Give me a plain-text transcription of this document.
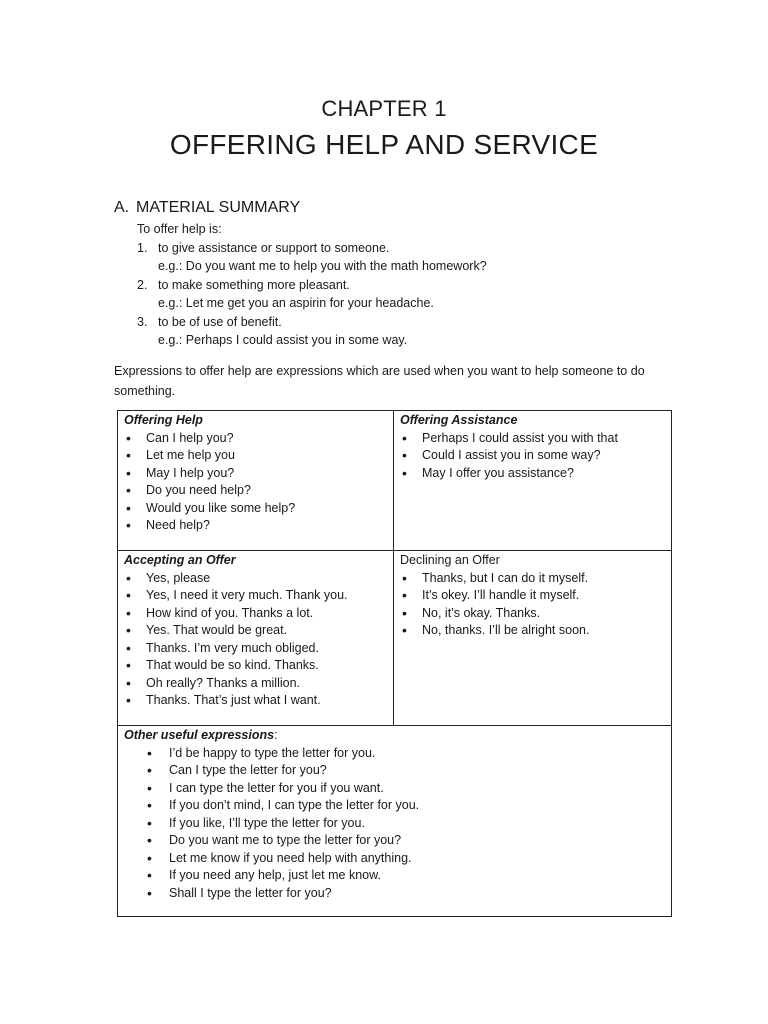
CHAPTER 1
OFFERING HELP AND SERVICE
A. MATERIAL SUMMARY

To offer help is:

1. to give assistance or support to someone.
e.g.: Do you want me to help you with the math homework?
2. to make something more pleasant.
e.g.: Let me get you an aspirin for your headache.
3. to be of use of benefit.
e.g.: Perhaps I could assist you in some way.

Expressions to offer help are expressions which are used when you want to help someone to do something.

Offering Help
• Can I help you?
• Let me help you
• May I help you?
• Do you need help?
• Would you like some help?
• Need help?
Offering Assistance
• Perhaps I could assist you with that
• Could I assist you in some way?
• May I offer you assistance?
Accepting an Offer
• Yes, please
• Yes, I need it very much. Thank you.
• How kind of you. Thanks a lot.
• Yes. That would be great.
• Thanks. I’m very much obliged.
• That would be so kind. Thanks.
• Oh really? Thanks a million.
• Thanks. That’s just what I want.
Declining an Offer
• Thanks, but I can do it myself.
• It’s okey. I’ll handle it myself.
• No, it’s okay. Thanks.
• No, thanks. I’ll be alright soon.
Other useful expressions:
• I’d be happy to type the letter for you.
• Can I type the letter for you?
• I can type the letter for you if you want.
• If you don’t mind, I can type the letter for you.
• If you like, I’ll type the letter for you.
• Do you want me to type the letter for you?
• Let me know if you need help with anything.
• If you need any help, just let me know.
• Shall I type the letter for you?
